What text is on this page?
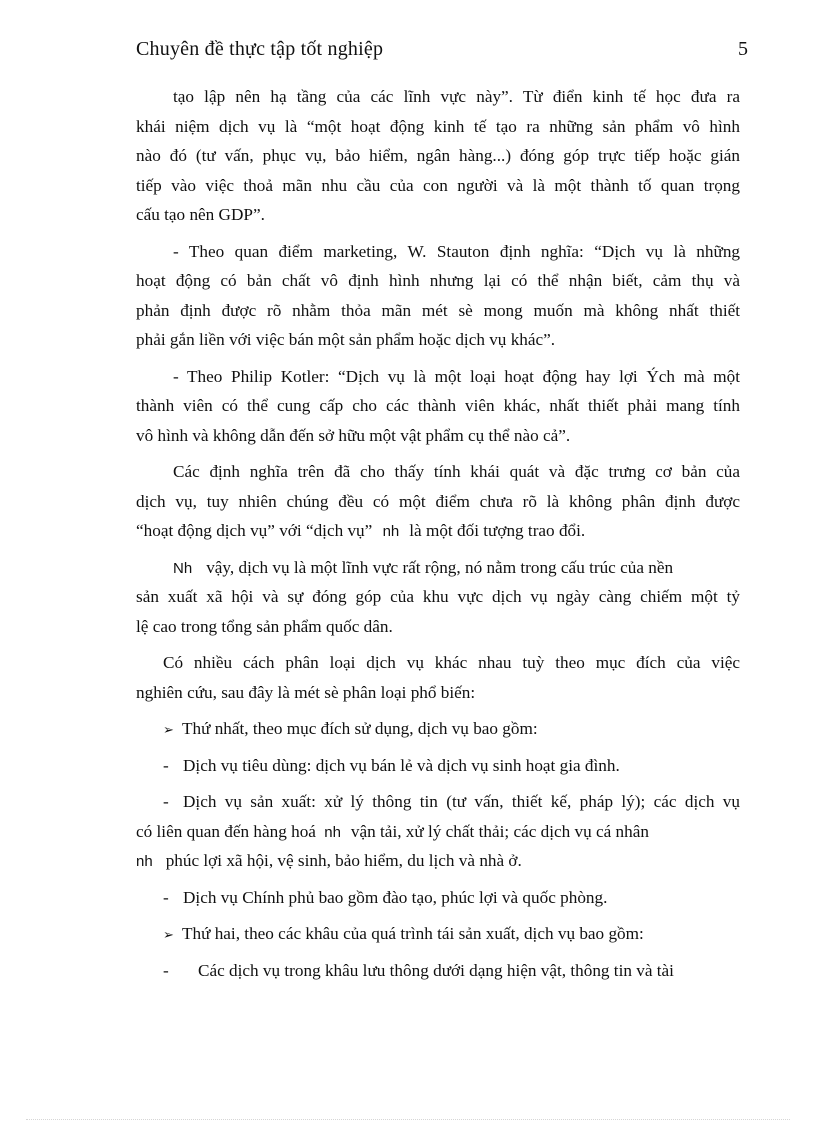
Chuyên đề thực tập tốt nghiệp	5
tạo lập nên hạ tầng của các lĩnh vực này”. Từ điển kinh tế học đưa ra
khái niệm dịch vụ là “một hoạt động kinh tế tạo ra những sản phẩm vô hình
nào đó (tư vấn, phục vụ, bảo hiểm, ngân hàng...) đóng góp trực tiếp hoặc gián
tiếp vào việc thoả mãn nhu cầu của con người và là một thành tố quan trọng
cấu tạo nên GDP”.
- Theo quan điểm marketing, W. Stauton định nghĩa: “Dịch vụ là những
hoạt động có bản chất vô định hình nhưng lại có thể nhận biết, cảm thụ và
phản định được rõ nhằm thỏa mãn mét sè mong muốn mà không nhất thiết
phải gắn liền với việc bán một sản phẩm hoặc dịch vụ khác”.
- Theo Philip Kotler: “Dịch vụ là một loại hoạt động hay lợi Ých mà một
thành viên có thể cung cấp cho các thành viên khác, nhất thiết phải mang tính
vô hình và không dẫn đến sở hữu một vật phẩm cụ thể nào cả”.
Các định nghĩa trên đã cho thấy tính khái quát và đặc trưng cơ bản của
dịch vụ, tuy nhiên chúng đều có một điểm chưa rõ là không phân định được
“hoạt động dịch vụ” với “dịch vụ” nh là một đối tượng trao đổi.
Nh vậy, dịch vụ là một lĩnh vực rất rộng, nó nằm trong cấu trúc của nền
sản xuất xã hội và sự đóng góp của khu vực dịch vụ ngày càng chiếm một tỷ
lệ cao trong tổng sản phẩm quốc dân.
Có nhiều cách phân loại dịch vụ khác nhau tuỳ theo mục đích của việc
nghiên cứu, sau đây là mét sè phân loại phổ biến:
➢ Thứ nhất, theo mục đích sử dụng, dịch vụ bao gồm:
- Dịch vụ tiêu dùng: dịch vụ bán lẻ và dịch vụ sinh hoạt gia đình.
- Dịch vụ sản xuất: xử lý thông tin (tư vấn, thiết kế, pháp lý); các dịch vụ
có liên quan đến hàng hoá nh vận tải, xử lý chất thải; các dịch vụ cá nhân
nh phúc lợi xã hội, vệ sinh, bảo hiểm, du lịch và nhà ở.
- Dịch vụ Chính phủ bao gồm đào tạo, phúc lợi và quốc phòng.
➢ Thứ hai, theo các khâu của quá trình tái sản xuất, dịch vụ bao gồm:
- Các dịch vụ trong khâu lưu thông dưới dạng hiện vật, thông tin và tài
